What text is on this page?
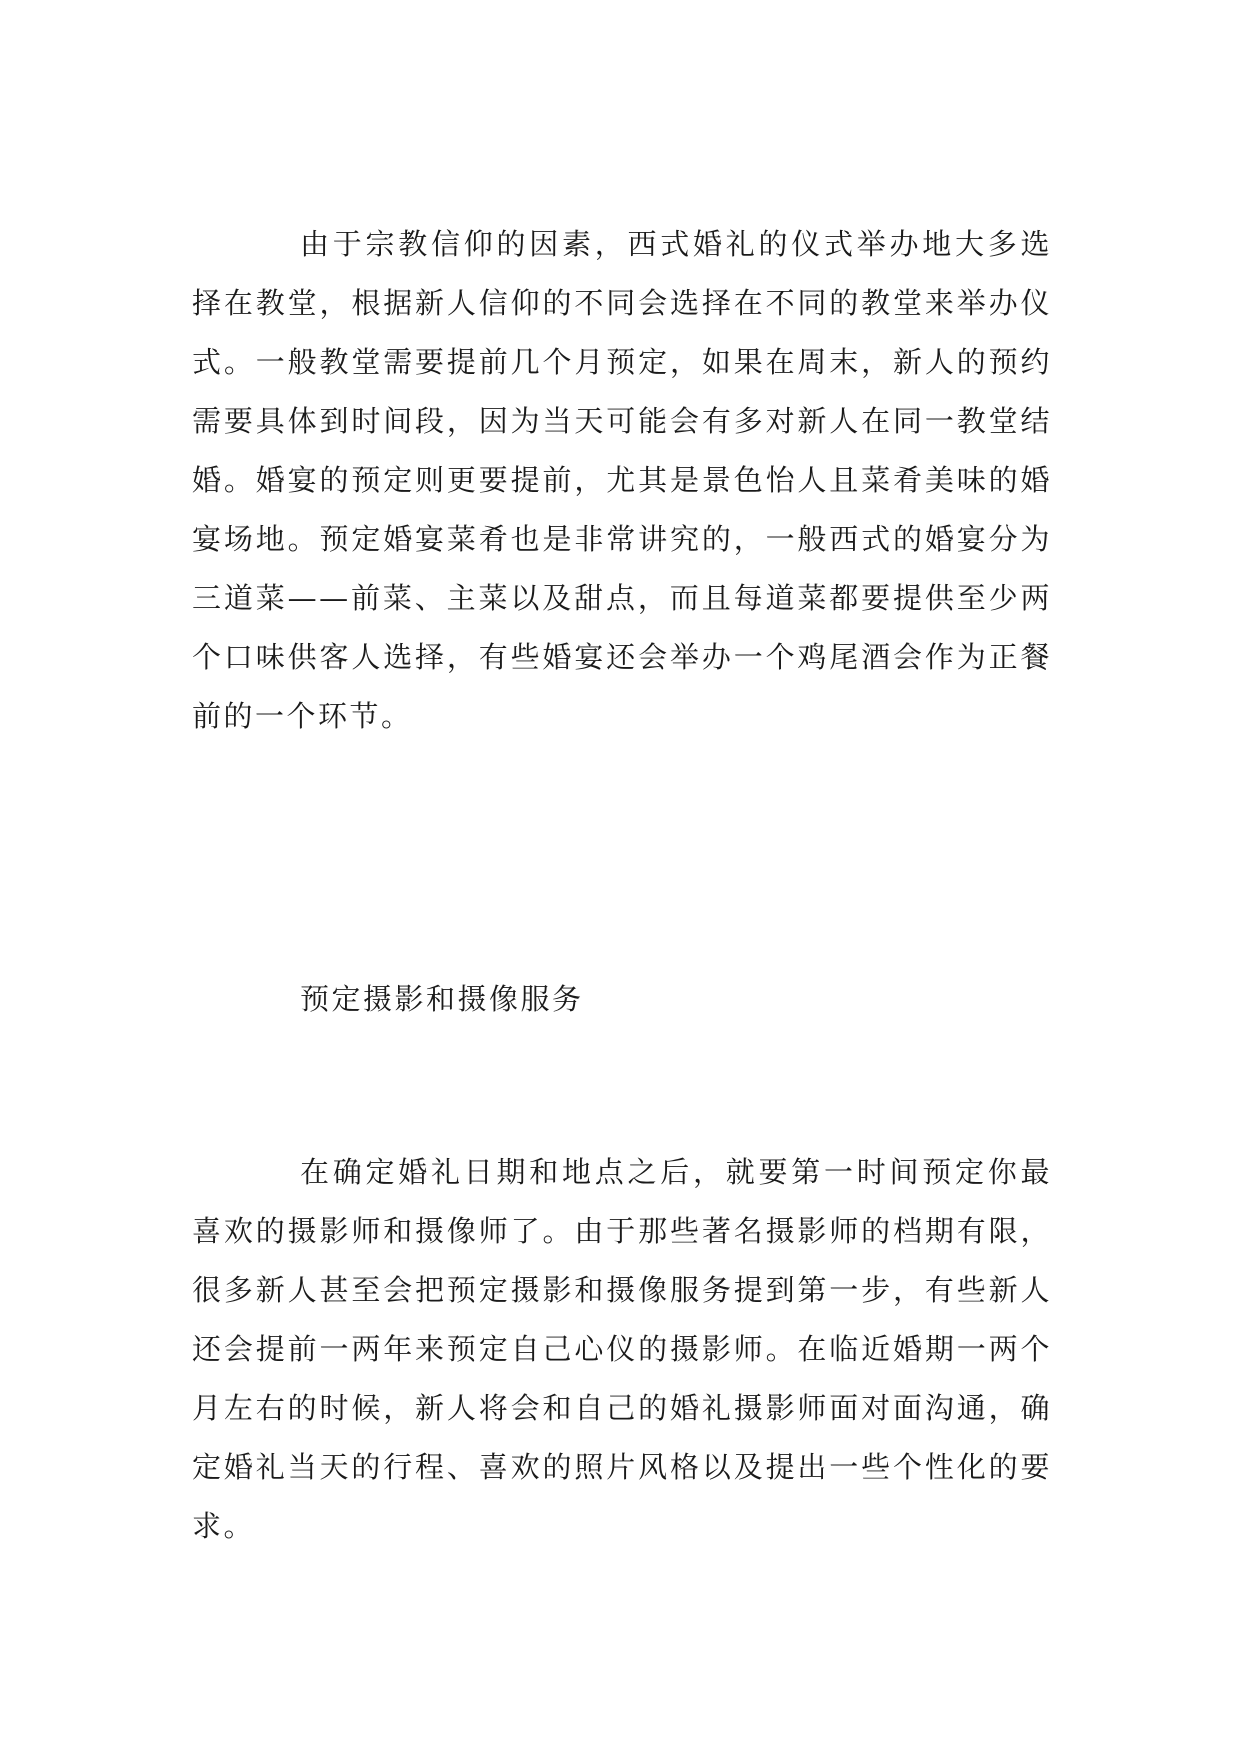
由于宗教信仰的因素，西式婚礼的仪式举办地大多选择在教堂，根据新人信仰的不同会选择在不同的教堂来举办仪式。一般教堂需要提前几个月预定，如果在周末，新人的预约需要具体到时间段，因为当天可能会有多对新人在同一教堂结婚。婚宴的预定则更要提前，尤其是景色怡人且菜肴美味的婚宴场地。预定婚宴菜肴也是非常讲究的，一般西式的婚宴分为三道菜——前菜、主菜以及甜点，而且每道菜都要提供至少两个口味供客人选择，有些婚宴还会举办一个鸡尾酒会作为正餐前的一个环节。

预定摄影和摄像服务

在确定婚礼日期和地点之后，就要第一时间预定你最喜欢的摄影师和摄像师了。由于那些著名摄影师的档期有限，很多新人甚至会把预定摄影和摄像服务提到第一步，有些新人还会提前一两年来预定自己心仪的摄影师。在临近婚期一两个月左右的时候，新人将会和自己的婚礼摄影师面对面沟通，确定婚礼当天的行程、喜欢的照片风格以及提出一些个性化的要求。
